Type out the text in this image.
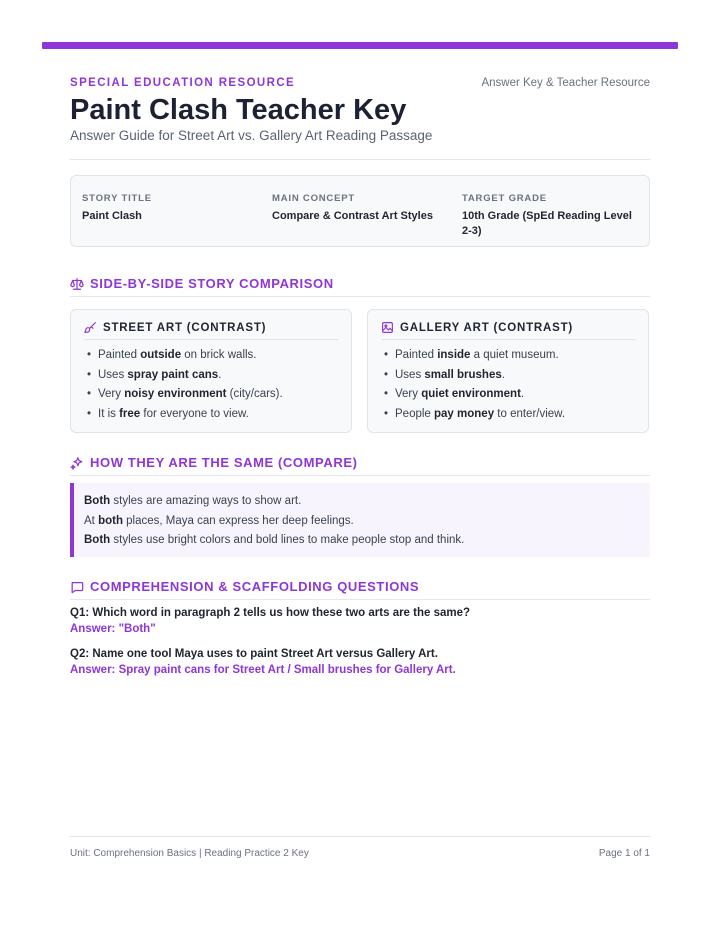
SPECIAL EDUCATION RESOURCE	Answer Key & Teacher Resource
Paint Clash Teacher Key
Answer Guide for Street Art vs. Gallery Art Reading Passage
STORY TITLE
Paint Clash
MAIN CONCEPT
Compare & Contrast Art Styles
TARGET GRADE
10th Grade (SpEd Reading Level 2-3)
SIDE-BY-SIDE STORY COMPARISON
STREET ART (CONTRAST)
• Painted outside on brick walls.
• Uses spray paint cans.
• Very noisy environment (city/cars).
• It is free for everyone to view.
GALLERY ART (CONTRAST)
• Painted inside a quiet museum.
• Uses small brushes.
• Very quiet environment.
• People pay money to enter/view.
HOW THEY ARE THE SAME (COMPARE)

Both styles are amazing ways to show art.

At both places, Maya can express her deep feelings.

Both styles use bright colors and bold lines to make people stop and think.

COMPREHENSION & SCAFFOLDING QUESTIONS
Q1: Which word in paragraph 2 tells us how these two arts are the same?
Answer: "Both"
Q2: Name one tool Maya uses to paint Street Art versus Gallery Art.
Answer: Spray paint cans for Street Art / Small brushes for Gallery Art.
Unit: Comprehension Basics | Reading Practice 2 Key	Page 1 of 1
